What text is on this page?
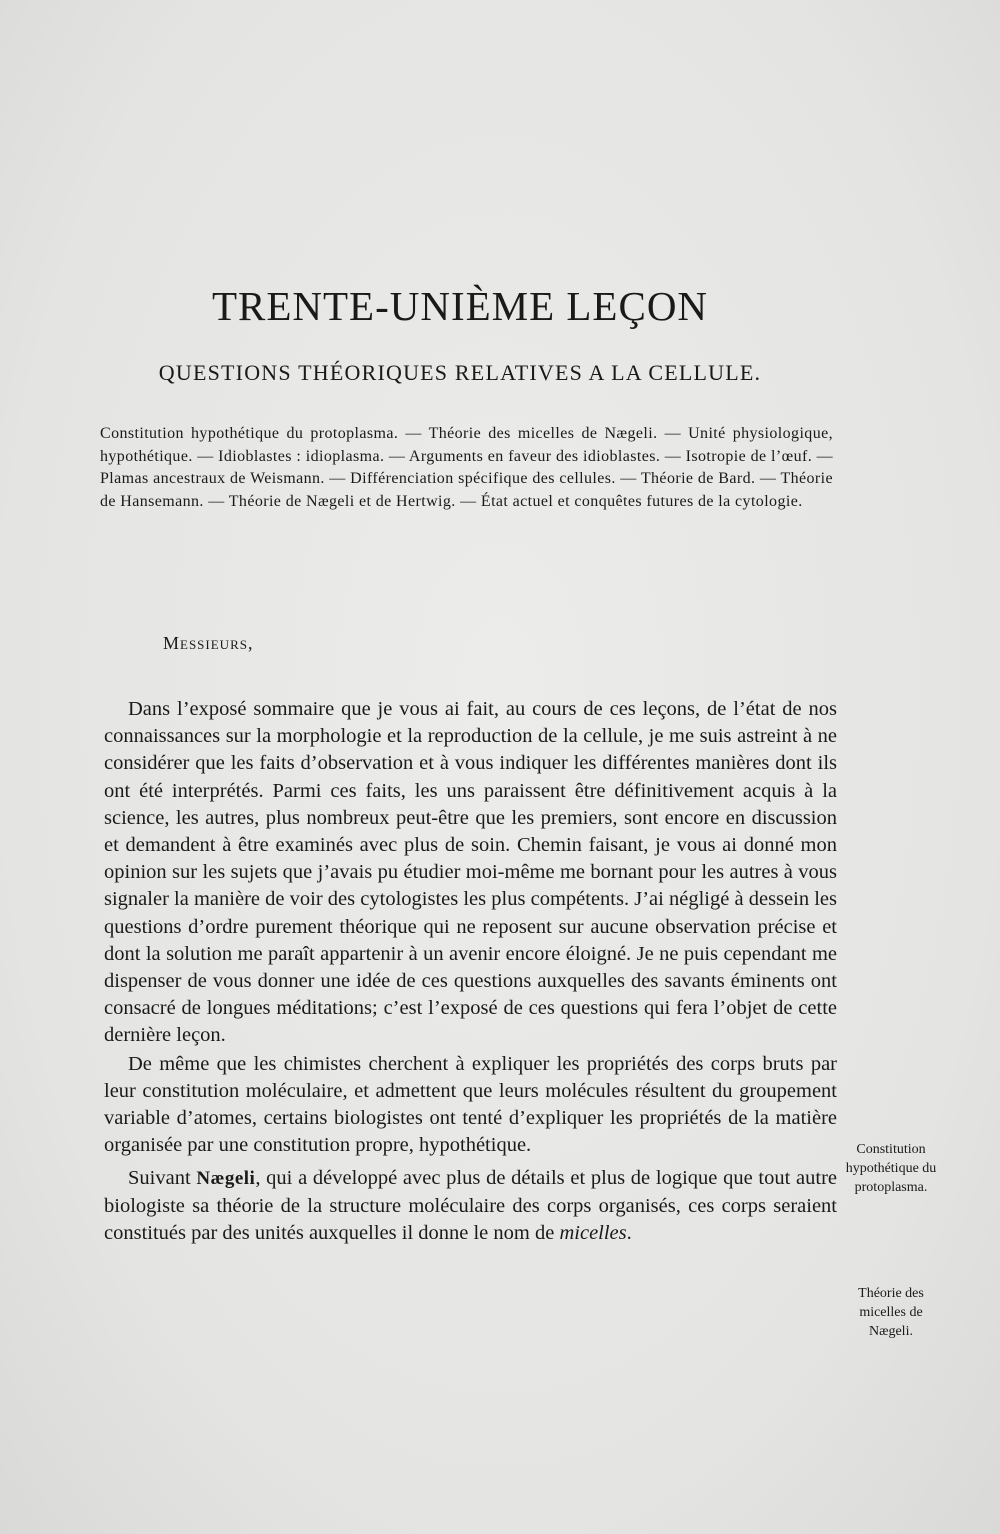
TRENTE-UNIÈME LEÇON
QUESTIONS THÉORIQUES RELATIVES A LA CELLULE.

Constitution hypothétique du protoplasma. — Théorie des micelles de Nægeli. — Unité physiologique, hypothétique. — Idioblastes : idioplasma. — Arguments en faveur des idioblastes. — Isotropie de l’œuf. — Plamas ancestraux de Weismann. — Différenciation spécifique des cellules. — Théorie de Bard. — Théorie de Hansemann. — Théorie de Nægeli et de Hertwig. — État actuel et conquêtes futures de la cytologie.

Messieurs,

Dans l’exposé sommaire que je vous ai fait, au cours de ces leçons, de l’état de nos connaissances sur la morphologie et la reproduction de la cellule, je me suis astreint à ne considérer que les faits d’observation et à vous indiquer les différentes manières dont ils ont été interprétés. Parmi ces faits, les uns paraissent être définitivement acquis à la science, les autres, plus nombreux peut-être que les premiers, sont encore en discussion et demandent à être examinés avec plus de soin. Chemin faisant, je vous ai donné mon opinion sur les sujets que j’avais pu étudier moi-même me bornant pour les autres à vous signaler la manière de voir des cytologistes les plus compétents. J’ai négligé à dessein les questions d’ordre purement théorique qui ne reposent sur aucune observation précise et dont la solution me paraît appartenir à un avenir encore éloigné. Je ne puis cependant me dispenser de vous donner une idée de ces questions auxquelles des savants éminents ont consacré de longues méditations; c’est l’exposé de ces questions qui fera l’objet de cette dernière leçon.

De même que les chimistes cherchent à expliquer les propriétés des corps bruts par leur constitution moléculaire, et admettent que leurs molécules résultent du groupement variable d’atomes, certains biologistes ont tenté d’expliquer les propriétés de la matière organisée par une constitution propre, hypothétique.

Suivant Nægeli, qui a développé avec plus de détails et plus de logique que tout autre biologiste sa théorie de la structure moléculaire des corps organisés, ces corps seraient constitués par des unités auxquelles il donne le nom de micelles.

Constitution hypothétique du protoplasma.

Théorie des micelles de Nægeli.
